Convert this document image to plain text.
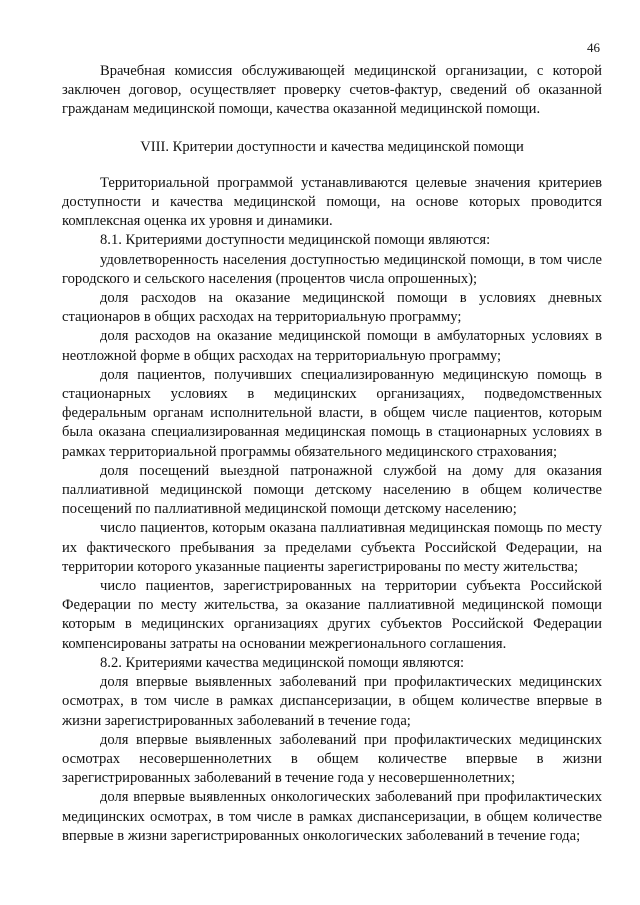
46

Врачебная комиссия обслуживающей медицинской организации, с которой заключен договор, осуществляет проверку счетов-фактур, сведений об оказанной гражданам медицинской помощи, качества оказанной медицинской помощи.

VIII. Критерии доступности и качества медицинской помощи

Территориальной программой устанавливаются целевые значения критериев доступности и качества медицинской помощи, на основе которых проводится комплексная оценка их уровня и динамики.

8.1. Критериями доступности медицинской помощи являются:

удовлетворенность населения доступностью медицинской помощи, в том числе городского и сельского населения (процентов числа опрошенных);

доля расходов на оказание медицинской помощи в условиях дневных стационаров в общих расходах на территориальную программу;

доля расходов на оказание медицинской помощи в амбулаторных условиях в неотложной форме в общих расходах на территориальную программу;

доля пациентов, получивших специализированную медицинскую помощь в стационарных условиях в медицинских организациях, подведомственных федеральным органам исполнительной власти, в общем числе пациентов, которым была оказана специализированная медицинская помощь в стационарных условиях в рамках территориальной программы обязательного медицинского страхования;

доля посещений выездной патронажной службой на дому для оказания паллиативной медицинской помощи детскому населению в общем количестве посещений по паллиативной медицинской помощи детскому населению;

число пациентов, которым оказана паллиативная медицинская помощь по месту их фактического пребывания за пределами субъекта Российской Федерации, на территории которого указанные пациенты зарегистрированы по месту жительства;

число пациентов, зарегистрированных на территории субъекта Российской Федерации по месту жительства, за оказание паллиативной медицинской помощи которым в медицинских организациях других субъектов Российской Федерации компенсированы затраты на основании межрегионального соглашения.

8.2. Критериями качества медицинской помощи являются:

доля впервые выявленных заболеваний при профилактических медицинских осмотрах, в том числе в рамках диспансеризации, в общем количестве впервые в жизни зарегистрированных заболеваний в течение года;

доля впервые выявленных заболеваний при профилактических медицинских осмотрах несовершеннолетних в общем количестве впервые в жизни зарегистрированных заболеваний в течение года у несовершеннолетних;

доля впервые выявленных онкологических заболеваний при профилактических медицинских осмотрах, в том числе в рамках диспансеризации, в общем количестве впервые в жизни зарегистрированных онкологических заболеваний в течение года;
